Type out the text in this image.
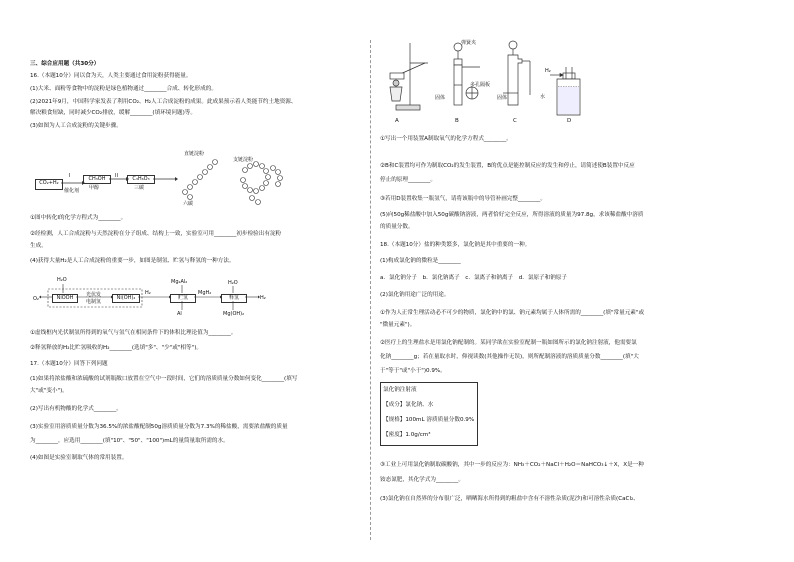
三、综合应用题（共30分）
16.（本题10分）同以食为天，人类主要通过食用淀粉获得能量。
(1)大米、面粉等食物中的淀粉是绿色植物通过________合成、转化形成的。
(2)2021年9月，中国科学家发表了利用CO₂、H₂人工合成淀粉的成果。此成果预示着人类能节约土地资源、
解决粮食短缺，同时减少CO₂排放，缓解________(填环境问题)等。
(3)如图为人工合成淀粉的关键步骤。
CO₂+H₂
I
催化剂
CH₃OH
甲醇
II	C₃H₆O₃
三碳
直链淀粉
支链淀粉
六碳
①图中转化I的化学方程式为________。
②经检测，人工合成淀粉与天然淀粉在分子组成、结构上一致，实验室可用________初步检验出有淀粉
生成。
(4)获得大量H₂是人工合成淀粉的重要一步，如图是制氢、贮氢与释氢的一种方法。
H₂O
O₂	NiOOH	光伏发
电制氢
Ni(OH)₂
H₂
Mg₂Al₂
贮氢
Al
MgH₂
释氢
H₂O
Mg(OH)₂
H₂
①虚线框内光伏制氢所得到的氧气与氢气在相同条件下的体积比理论值为________。
②释氢释放的H₂比贮氢吸收的H₂________(选填"多"、"少"或"相等")。
17.（本题10分）回答下列问题
(1)如果将浓盐酸和浓硫酸的试剂瓶敞口放置在空气中一段时间，它们的溶质质量分数如何变化________(填写
大"或"变小")。
(2)写出有机物酸的化学式________。
(3)实验室用溶质质量分数为36.5%的浓盐酸配制50g溶质质量分数为7.3%的稀盐酸，需要浓盐酸的质量
为________，应选用________(填"10"、"50"、"100")mL的量筒量取所需的水。
(4)如图是实验室制取气体的常用装置。
弹簧夹
多孔隔板
固体	固体
H₂
水
A	B	C	D
①写出一个用装置A制取氧气的化学方程式________。
②B和C装置均可作为制取CO₂的发生装置，B的优点是能控制反应的发生和停止，请简述使B装置中反应
停止的原理________。
③若用D装置收集一瓶氢气，请将该瓶中的导管补画完整________。
(5)向50g稀盐酸中加入50g碳酸钠溶液，两者恰好完全反应，所得溶液的质量为97.8g，求该稀盐酸中溶质
的质量分数。
18.（本题10分）盐的种类繁多，氯化钠是其中重要的一种。
(1)构成氯化钠的微粒是________
a．氯化钠分子　b．氯化钠离子　c．氯离子和钠离子　d．氯原子和钠原子
(2)氯化钠用途广泛的用途。
①作为人正常生理活动必不可少的物质，氯化钠中的氯、钠元素均属于人体所需的________(填"常量元素"或
"微量元素")。
②医疗上的生理盐水是用氯化钠配制的。某同学欲在实验室配制一瓶如图所示的氯化钠注射液，他需要氯
化钠________g；若在量取水时，仰视读数(其他操作无误)，则所配制溶液的溶质质量分数________(填"大
于"等于"或"小于")0.9%。
氯化钠注射液
【成分】氯化钠、水
【规格】100mL 溶质质量分数0.9%
【密度】1.0g/cm³
③工业上可用氯化钠制取碳酸钠，其中一步的反应为：NH₃＋CO₂＋NaCl＋H₂O＝NaHCO₃↓＋X，X是一种
铵态氮肥，其化学式为________。
(3)氯化钠在自然界的分布很广泛，晒晒海水所得到的粗盐中含有不溶性杂质(泥沙)和可溶性杂质(CaCl₂、
